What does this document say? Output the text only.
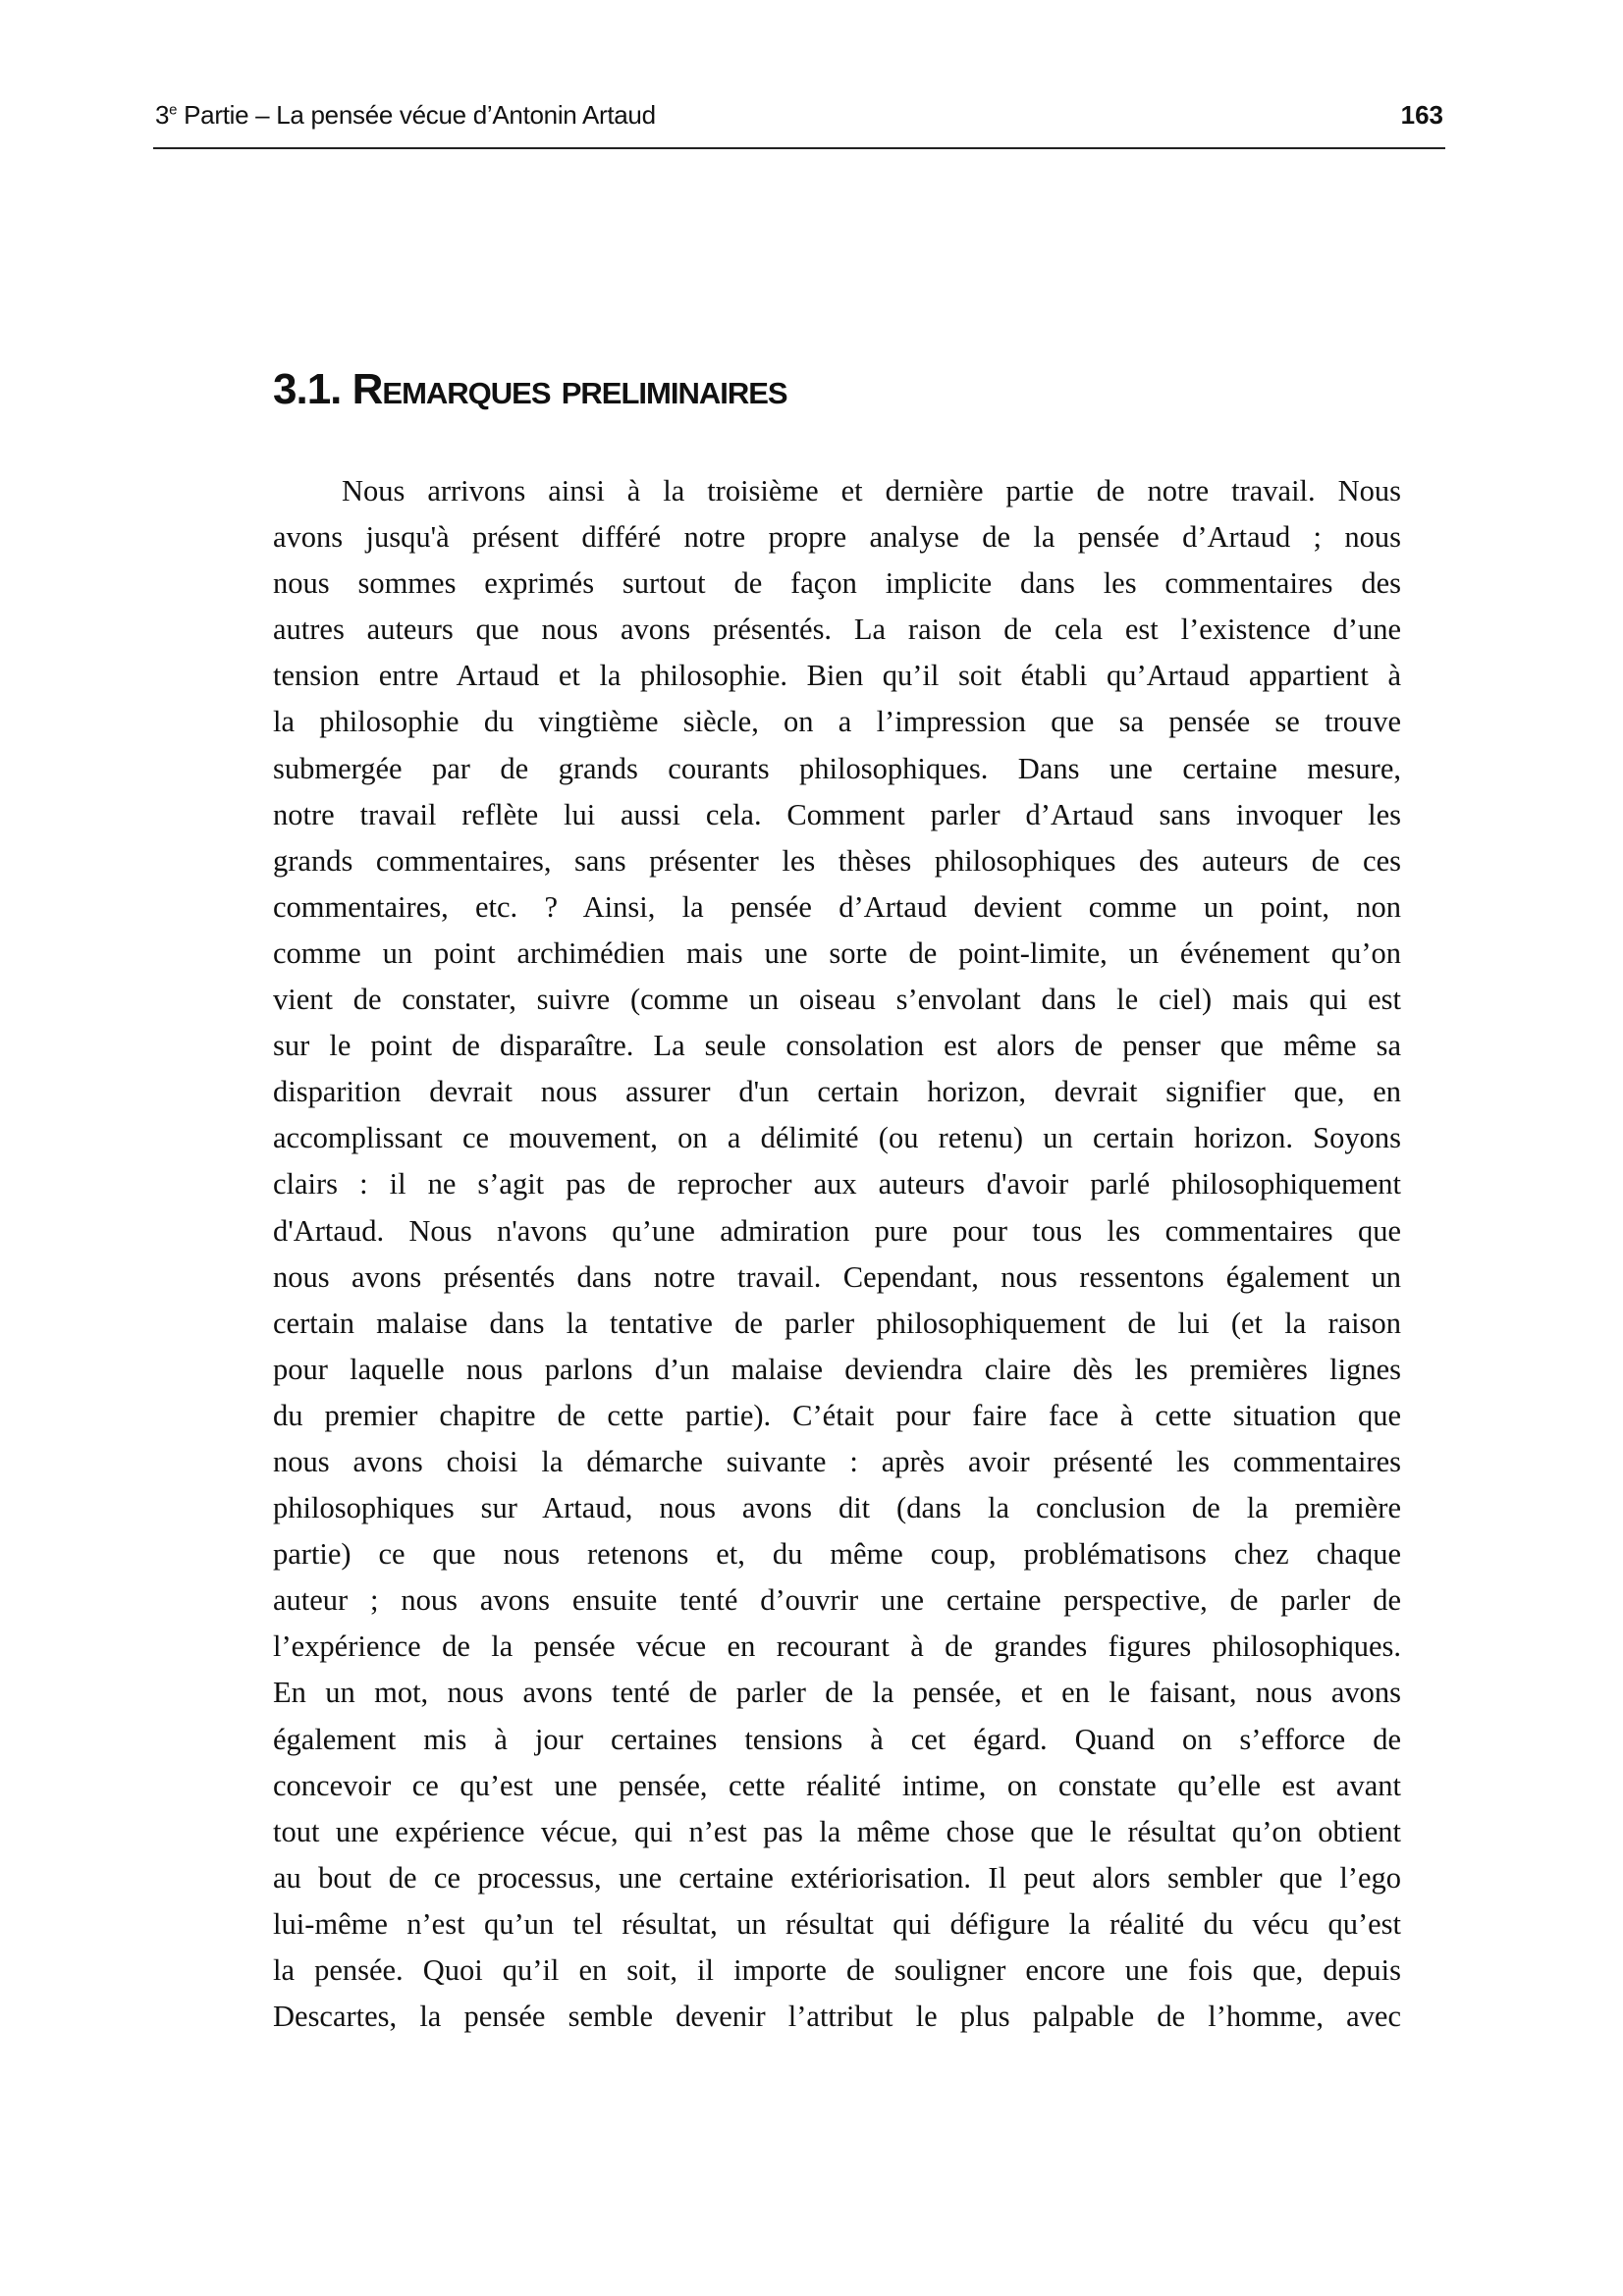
3e Partie – La pensée vécue d’Antonin Artaud	163
3.1. Remarques preliminaires
Nous arrivons ainsi à la troisième et dernière partie de notre travail. Nous
avons jusqu'à présent différé notre propre analyse de la pensée d’Artaud ; nous
nous sommes exprimés surtout de façon implicite dans les commentaires des
autres auteurs que nous avons présentés. La raison de cela est l’existence d’une
tension entre Artaud et la philosophie. Bien qu’il soit établi qu’Artaud appartient à
la philosophie du vingtième siècle, on a l’impression que sa pensée se trouve
submergée par de grands courants philosophiques. Dans une certaine mesure,
notre travail reflète lui aussi cela. Comment parler d’Artaud sans invoquer les
grands commentaires, sans présenter les thèses philosophiques des auteurs de ces
commentaires, etc. ? Ainsi, la pensée d’Artaud devient comme un point, non
comme un point archimédien mais une sorte de point-limite, un événement qu’on
vient de constater, suivre (comme un oiseau s’envolant dans le ciel) mais qui est
sur le point de disparaître. La seule consolation est alors de penser que même sa
disparition devrait nous assurer d'un certain horizon, devrait signifier que, en
accomplissant ce mouvement, on a délimité (ou retenu) un certain horizon. Soyons
clairs : il ne s’agit pas de reprocher aux auteurs d'avoir parlé philosophiquement
d'Artaud. Nous n'avons qu’une admiration pure pour tous les commentaires que
nous avons présentés dans notre travail. Cependant, nous ressentons également un
certain malaise dans la tentative de parler philosophiquement de lui (et la raison
pour laquelle nous parlons d’un malaise deviendra claire dès les premières lignes
du premier chapitre de cette partie). C’était pour faire face à cette situation que
nous avons choisi la démarche suivante : après avoir présenté les commentaires
philosophiques sur Artaud, nous avons dit (dans la conclusion de la première
partie) ce que nous retenons et, du même coup, problématisons chez chaque
auteur ; nous avons ensuite tenté d’ouvrir une certaine perspective, de parler de
l’expérience de la pensée vécue en recourant à de grandes figures philosophiques.
En un mot, nous avons tenté de parler de la pensée, et en le faisant, nous avons
également mis à jour certaines tensions à cet égard. Quand on s’efforce de
concevoir ce qu’est une pensée, cette réalité intime, on constate qu’elle est avant
tout une expérience vécue, qui n’est pas la même chose que le résultat qu’on obtient
au bout de ce processus, une certaine extériorisation. Il peut alors sembler que l’ego
lui-même n’est qu’un tel résultat, un résultat qui défigure la réalité du vécu qu’est
la pensée. Quoi qu’il en soit, il importe de souligner encore une fois que, depuis
Descartes, la pensée semble devenir l’attribut le plus palpable de l’homme, avec
